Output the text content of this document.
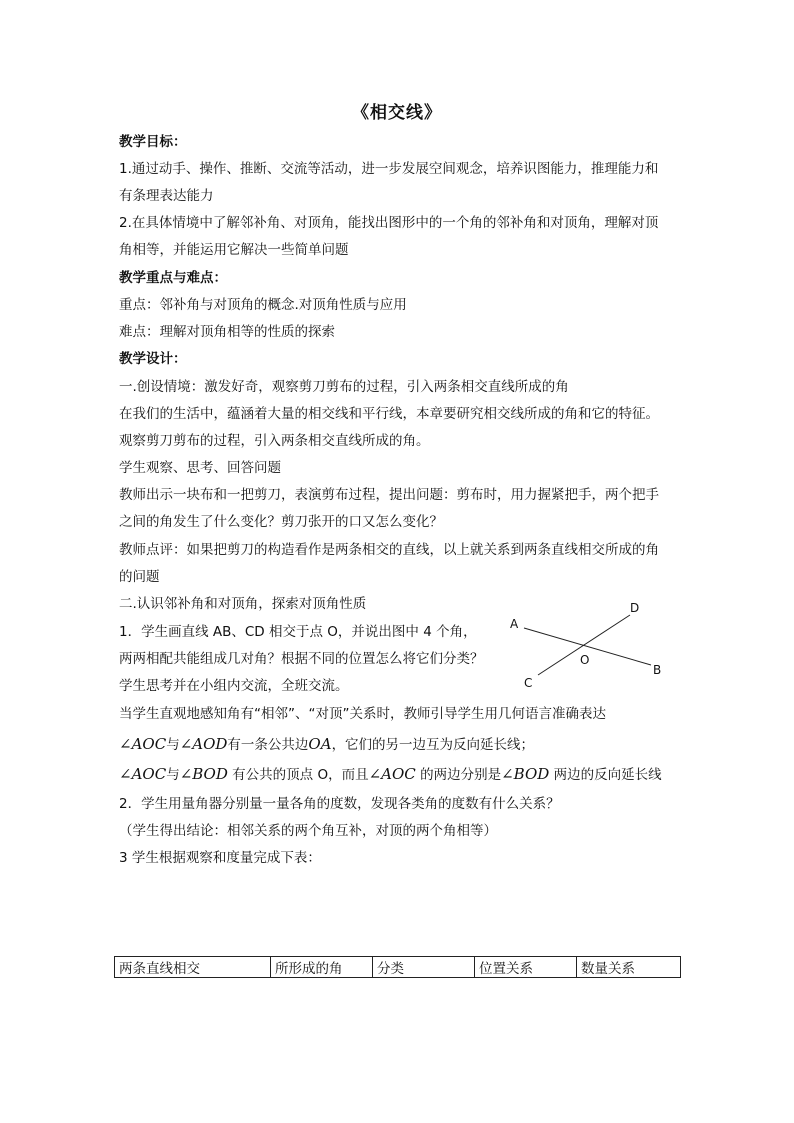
《相交线》
教学目标：
1.通过动手、操作、推断、交流等活动，进一步发展空间观念，培养识图能力，推理能力和
有条理表达能力
2.在具体情境中了解邻补角、对顶角，能找出图形中的一个角的邻补角和对顶角，理解对顶
角相等，并能运用它解决一些简单问题
教学重点与难点：
重点：邻补角与对顶角的概念.对顶角性质与应用
难点：理解对顶角相等的性质的探索
教学设计：
一.创设情境：激发好奇，观察剪刀剪布的过程，引入两条相交直线所成的角
在我们的生活中，蕴涵着大量的相交线和平行线，本章要研究相交线所成的角和它的特征。
观察剪刀剪布的过程，引入两条相交直线所成的角。
学生观察、思考、回答问题
教师出示一块布和一把剪刀，表演剪布过程，提出问题：剪布时，用力握紧把手，两个把手
之间的角发生了什么变化？剪刀张开的口又怎么变化？
教师点评：如果把剪刀的构造看作是两条相交的直线，以上就关系到两条直线相交所成的角
的问题
二.认识邻补角和对顶角，探索对顶角性质
1．学生画直线 AB、CD 相交于点 O，并说出图中 4 个角，
两两相配共能组成几对角？根据不同的位置怎么将它们分类？
学生思考并在小组内交流，全班交流。
A
D
O
B
C
当学生直观地感知角有“相邻”、“对顶”关系时，教师引导学生用几何语言准确表达
∠AOC与∠AOD有一条公共边OA，它们的另一边互为反向延长线；
∠AOC与∠BOD 有公共的顶点 O，而且∠AOC 的两边分别是∠BOD 两边的反向延长线
2．学生用量角器分别量一量各角的度数，发现各类角的度数有什么关系？
（学生得出结论：相邻关系的两个角互补，对顶的两个角相等）
3 学生根据观察和度量完成下表：
两条直线相交	所形成的角	分类	位置关系	数量关系
